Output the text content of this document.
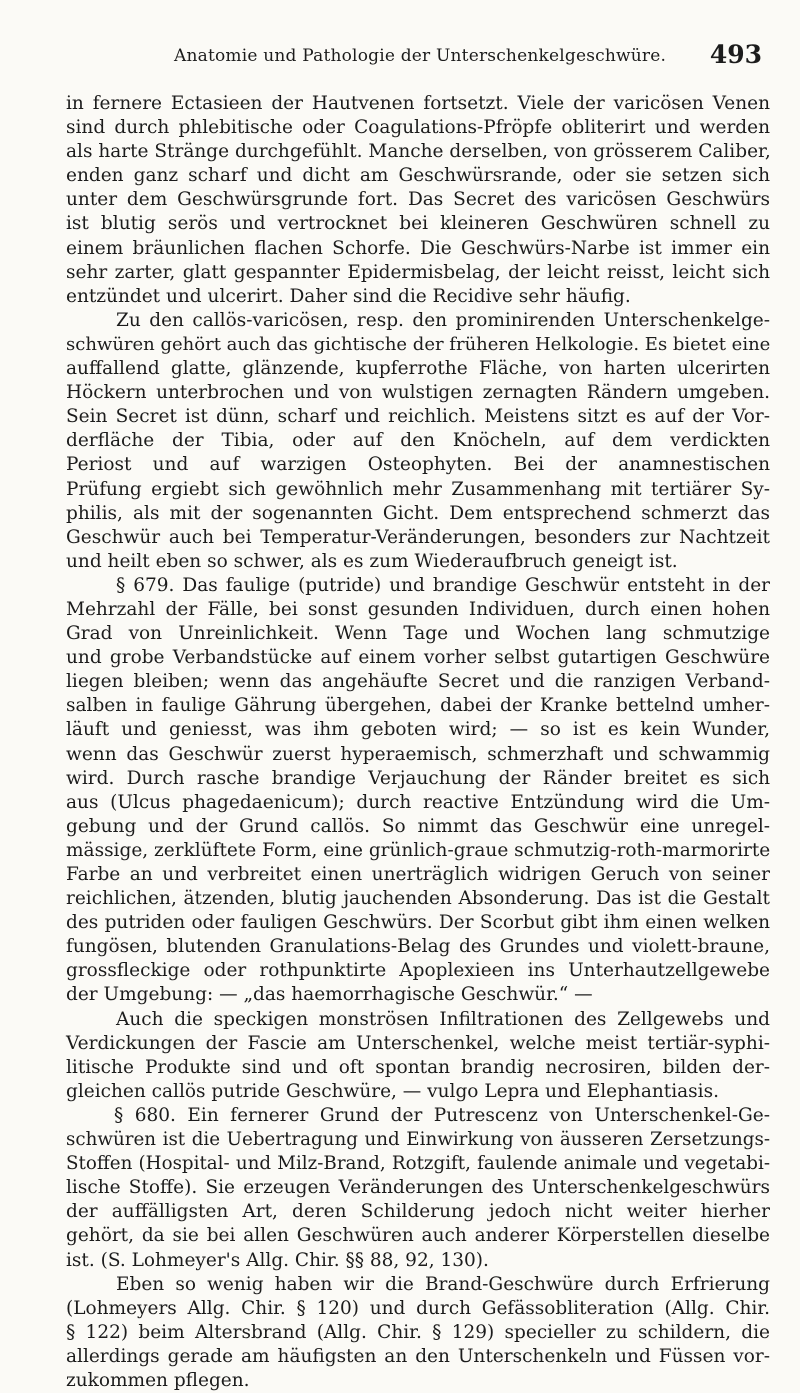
Anatomie und Pathologie der Unterschenkelgeschwüre. 493
in fernere Ectasieen der Hautvenen fortsetzt. Viele der varicösen Venen
sind durch phlebitische oder Coagulations-Pfröpfe obliterirt und werden
als harte Stränge durchgefühlt. Manche derselben, von grösserem Caliber,
enden ganz scharf und dicht am Geschwürsrande, oder sie setzen sich
unter dem Geschwürsgrunde fort. Das Secret des varicösen Geschwürs
ist blutig serös und vertrocknet bei kleineren Geschwüren schnell zu
einem bräunlichen flachen Schorfe. Die Geschwürs-Narbe ist immer ein
sehr zarter, glatt gespannter Epidermisbelag, der leicht reisst, leicht sich
entzündet und ulcerirt. Daher sind die Recidive sehr häufig.
Zu den callös-varicösen, resp. den prominirenden Unterschenkelge-
schwüren gehört auch das gichtische der früheren Helkologie. Es bietet eine
auffallend glatte, glänzende, kupferrothe Fläche, von harten ulcerirten
Höckern unterbrochen und von wulstigen zernagten Rändern umgeben.
Sein Secret ist dünn, scharf und reichlich. Meistens sitzt es auf der Vor-
derfläche der Tibia, oder auf den Knöcheln, auf dem verdickten
Periost und auf warzigen Osteophyten. Bei der anamnestischen
Prüfung ergiebt sich gewöhnlich mehr Zusammenhang mit tertiärer Sy-
philis, als mit der sogenannten Gicht. Dem entsprechend schmerzt das
Geschwür auch bei Temperatur-Veränderungen, besonders zur Nachtzeit
und heilt eben so schwer, als es zum Wiederaufbruch geneigt ist.
§ 679. Das faulige (putride) und brandige Geschwür entsteht in der
Mehrzahl der Fälle, bei sonst gesunden Individuen, durch einen hohen
Grad von Unreinlichkeit. Wenn Tage und Wochen lang schmutzige
und grobe Verbandstücke auf einem vorher selbst gutartigen Geschwüre
liegen bleiben; wenn das angehäufte Secret und die ranzigen Verband-
salben in faulige Gährung übergehen, dabei der Kranke bettelnd umher-
läuft und geniesst, was ihm geboten wird; — so ist es kein Wunder,
wenn das Geschwür zuerst hyperaemisch, schmerzhaft und schwammig
wird. Durch rasche brandige Verjauchung der Ränder breitet es sich
aus (Ulcus phagedaenicum); durch reactive Entzündung wird die Um-
gebung und der Grund callös. So nimmt das Geschwür eine unregel-
mässige, zerklüftete Form, eine grünlich-graue schmutzig-roth-marmorirte
Farbe an und verbreitet einen unerträglich widrigen Geruch von seiner
reichlichen, ätzenden, blutig jauchenden Absonderung. Das ist die Gestalt
des putriden oder fauligen Geschwürs. Der Scorbut gibt ihm einen welken
fungösen, blutenden Granulations-Belag des Grundes und violett-braune,
grossfleckige oder rothpunktirte Apoplexieen ins Unterhautzellgewebe
der Umgebung: — „das haemorrhagische Geschwür.“ —
Auch die speckigen monströsen Infiltrationen des Zellgewebs und
Verdickungen der Fascie am Unterschenkel, welche meist tertiär-syphi-
litische Produkte sind und oft spontan brandig necrosiren, bilden der-
gleichen callös putride Geschwüre, — vulgo Lepra und Elephantiasis.
§ 680. Ein fernerer Grund der Putrescenz von Unterschenkel-Ge-
schwüren ist die Uebertragung und Einwirkung von äusseren Zersetzungs-
Stoffen (Hospital- und Milz-Brand, Rotzgift, faulende animale und vegetabi-
lische Stoffe). Sie erzeugen Veränderungen des Unterschenkelgeschwürs
der auffälligsten Art, deren Schilderung jedoch nicht weiter hierher
gehört, da sie bei allen Geschwüren auch anderer Körperstellen dieselbe
ist. (S. Lohmeyer's Allg. Chir. §§ 88, 92, 130).
Eben so wenig haben wir die Brand-Geschwüre durch Erfrierung
(Lohmeyers Allg. Chir. § 120) und durch Gefässobliteration (Allg. Chir.
§ 122) beim Altersbrand (Allg. Chir. § 129) specieller zu schildern, die
allerdings gerade am häufigsten an den Unterschenkeln und Füssen vor-
zukommen pflegen.
